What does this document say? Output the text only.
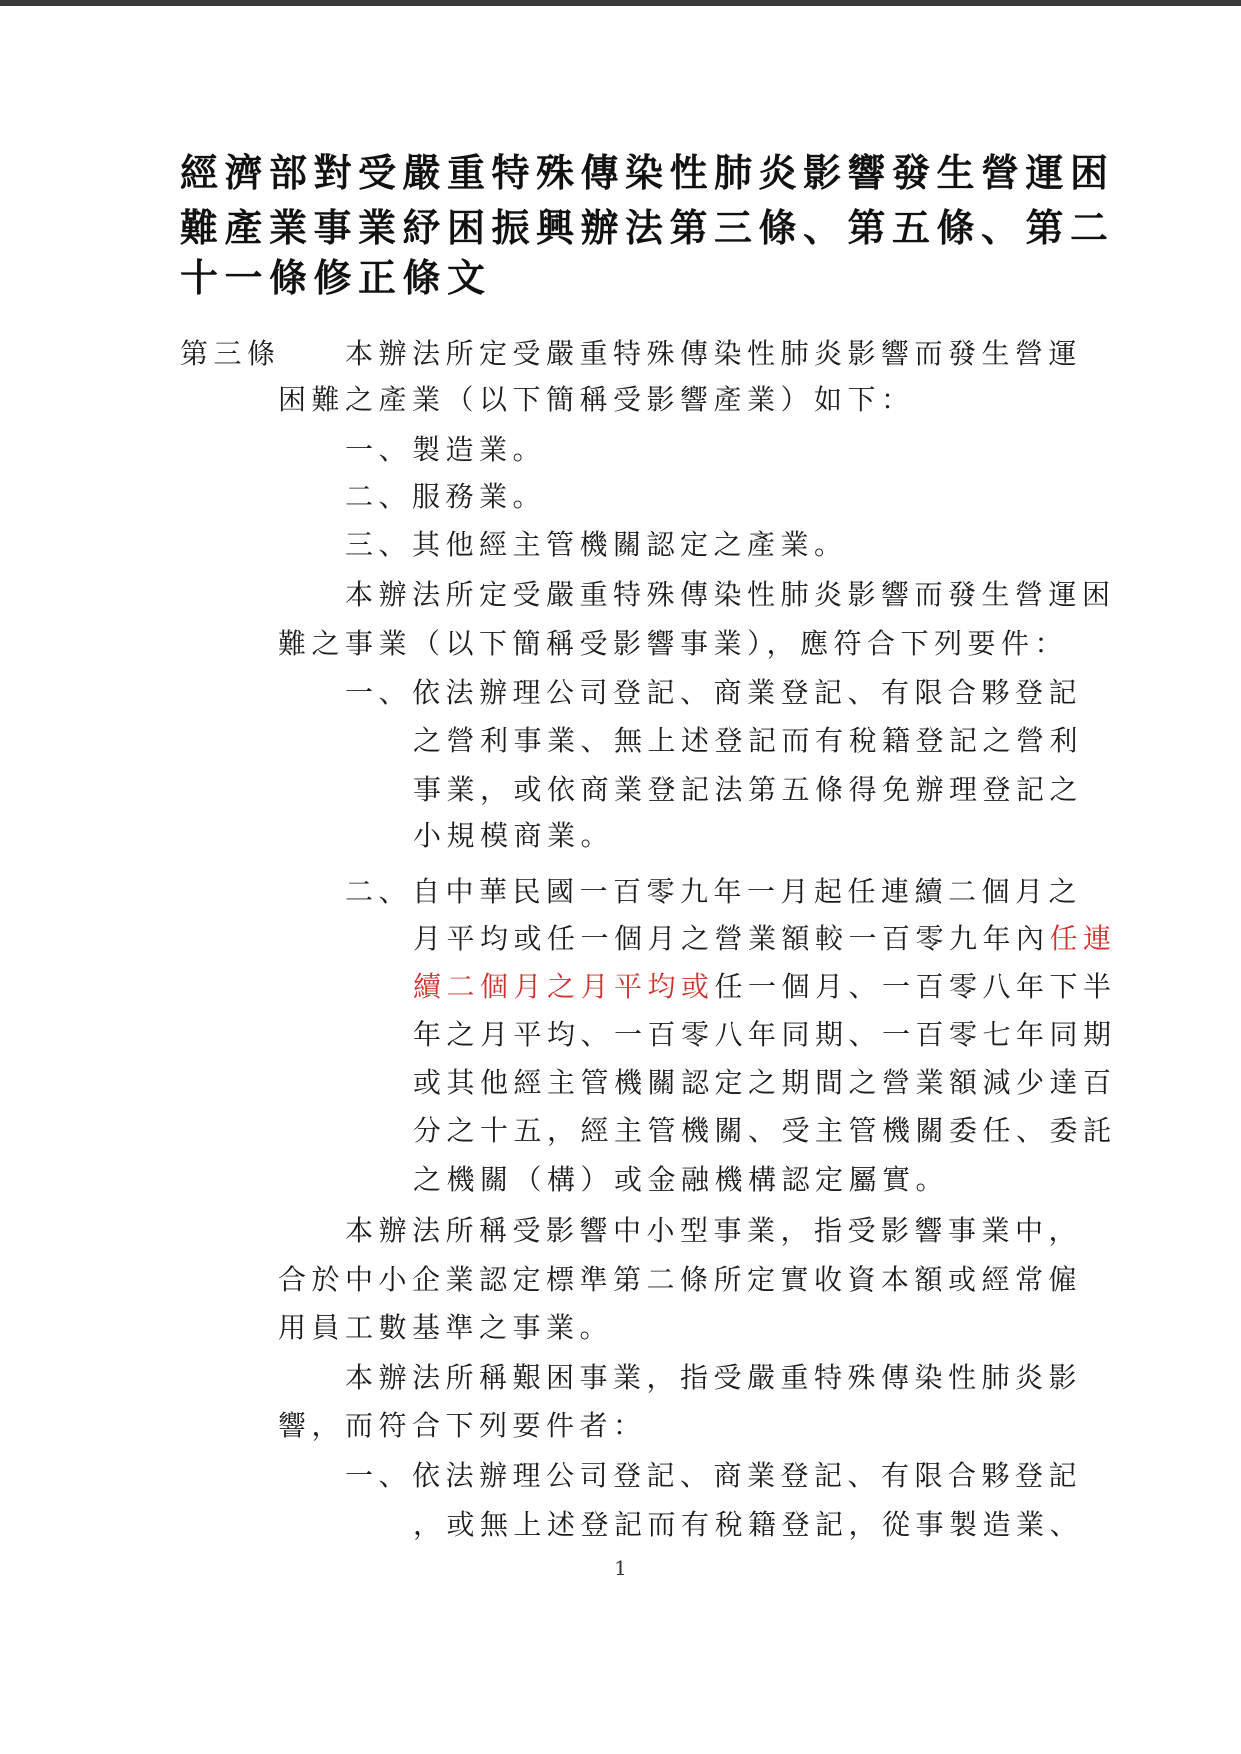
經濟部對受嚴重特殊傳染性肺炎影響發生營運困
難產業事業紓困振興辦法第三條、第五條、第二
十一條修正條文
第三條 本辦法所定受嚴重特殊傳染性肺炎影響而發生營運
困難之產業（以下簡稱受影響產業）如下：
一、製造業。
二、服務業。
三、其他經主管機關認定之產業。
本辦法所定受嚴重特殊傳染性肺炎影響而發生營運困
難之事業（以下簡稱受影響事業），應符合下列要件：
一、依法辦理公司登記、商業登記、有限合夥登記
之營利事業、無上述登記而有稅籍登記之營利
事業，或依商業登記法第五條得免辦理登記之
小規模商業。
二、自中華民國一百零九年一月起任連續二個月之
月平均或任一個月之營業額較一百零九年內任連
續二個月之月平均或任一個月、一百零八年下半
年之月平均、一百零八年同期、一百零七年同期
或其他經主管機關認定之期間之營業額減少達百
分之十五，經主管機關、受主管機關委任、委託
之機關（構）或金融機構認定屬實。
本辦法所稱受影響中小型事業，指受影響事業中，
合於中小企業認定標準第二條所定實收資本額或經常僱
用員工數基準之事業。
本辦法所稱艱困事業，指受嚴重特殊傳染性肺炎影
響，而符合下列要件者：
一、依法辦理公司登記、商業登記、有限合夥登記
，或無上述登記而有稅籍登記，從事製造業、
1
